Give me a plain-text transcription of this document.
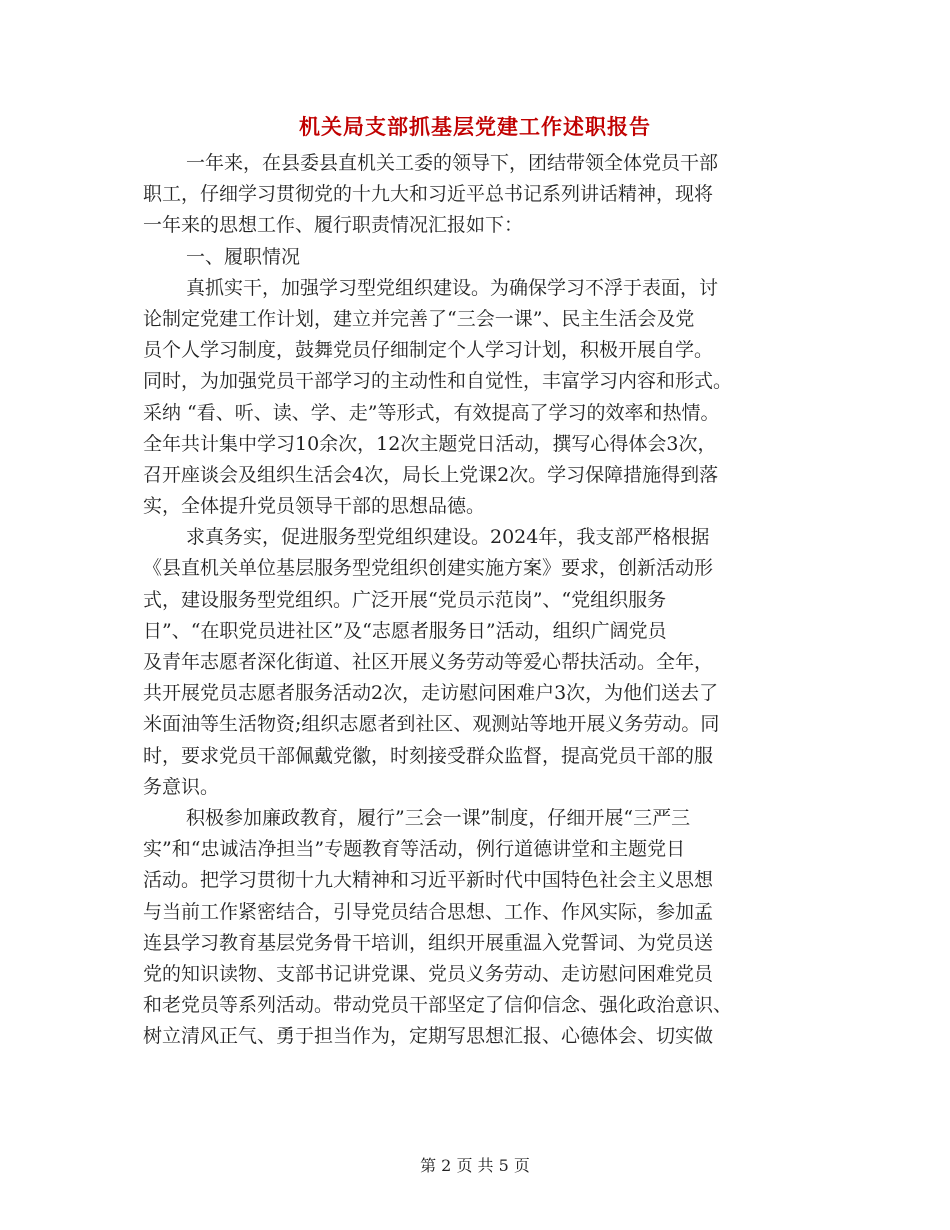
机关局支部抓基层党建工作述职报告
一年来，在县委县直机关工委的领导下，团结带领全体党员干部
职工，仔细学习贯彻党的十九大和习近平总书记系列讲话精神，现将
一年来的思想工作、履行职责情况汇报如下：
一、履职情况
真抓实干，加强学习型党组织建设。为确保学习不浮于表面，讨
论制定党建工作计划，建立并完善了“三会一课”、民主生活会及党
员个人学习制度，鼓舞党员仔细制定个人学习计划，积极开展自学。
同时，为加强党员干部学习的主动性和自觉性，丰富学习内容和形式。
采纳 “看、听、读、学、走”等形式，有效提高了学习的效率和热情。
全年共计集中学习10余次，12次主题党日活动，撰写心得体会3次，
召开座谈会及组织生活会4次，局长上党课2次。学习保障措施得到落
实，全体提升党员领导干部的思想品德。
求真务实，促进服务型党组织建设。2024年，我支部严格根据
《县直机关单位基层服务型党组织创建实施方案》要求，创新活动形
式，建设服务型党组织。广泛开展“党员示范岗”、“党组织服务
日”、“在职党员进社区”及“志愿者服务日”活动，组织广阔党员
及青年志愿者深化街道、社区开展义务劳动等爱心帮扶活动。全年，
共开展党员志愿者服务活动2次，走访慰问困难户3次，为他们送去了
米面油等生活物资;组织志愿者到社区、观测站等地开展义务劳动。同
时，要求党员干部佩戴党徽，时刻接受群众监督，提高党员干部的服
务意识。
积极参加廉政教育，履行”三会一课”制度，仔细开展“三严三
实”和“忠诚洁净担当”专题教育等活动，例行道德讲堂和主题党日
活动。把学习贯彻十九大精神和习近平新时代中国特色社会主义思想
与当前工作紧密结合，引导党员结合思想、工作、作风实际，参加孟
连县学习教育基层党务骨干培训，组织开展重温入党誓词、为党员送
党的知识读物、支部书记讲党课、党员义务劳动、走访慰问困难党员
和老党员等系列活动。带动党员干部坚定了信仰信念、强化政治意识、
树立清风正气、勇于担当作为，定期写思想汇报、心德体会、切实做
第 2 页 共 5 页
